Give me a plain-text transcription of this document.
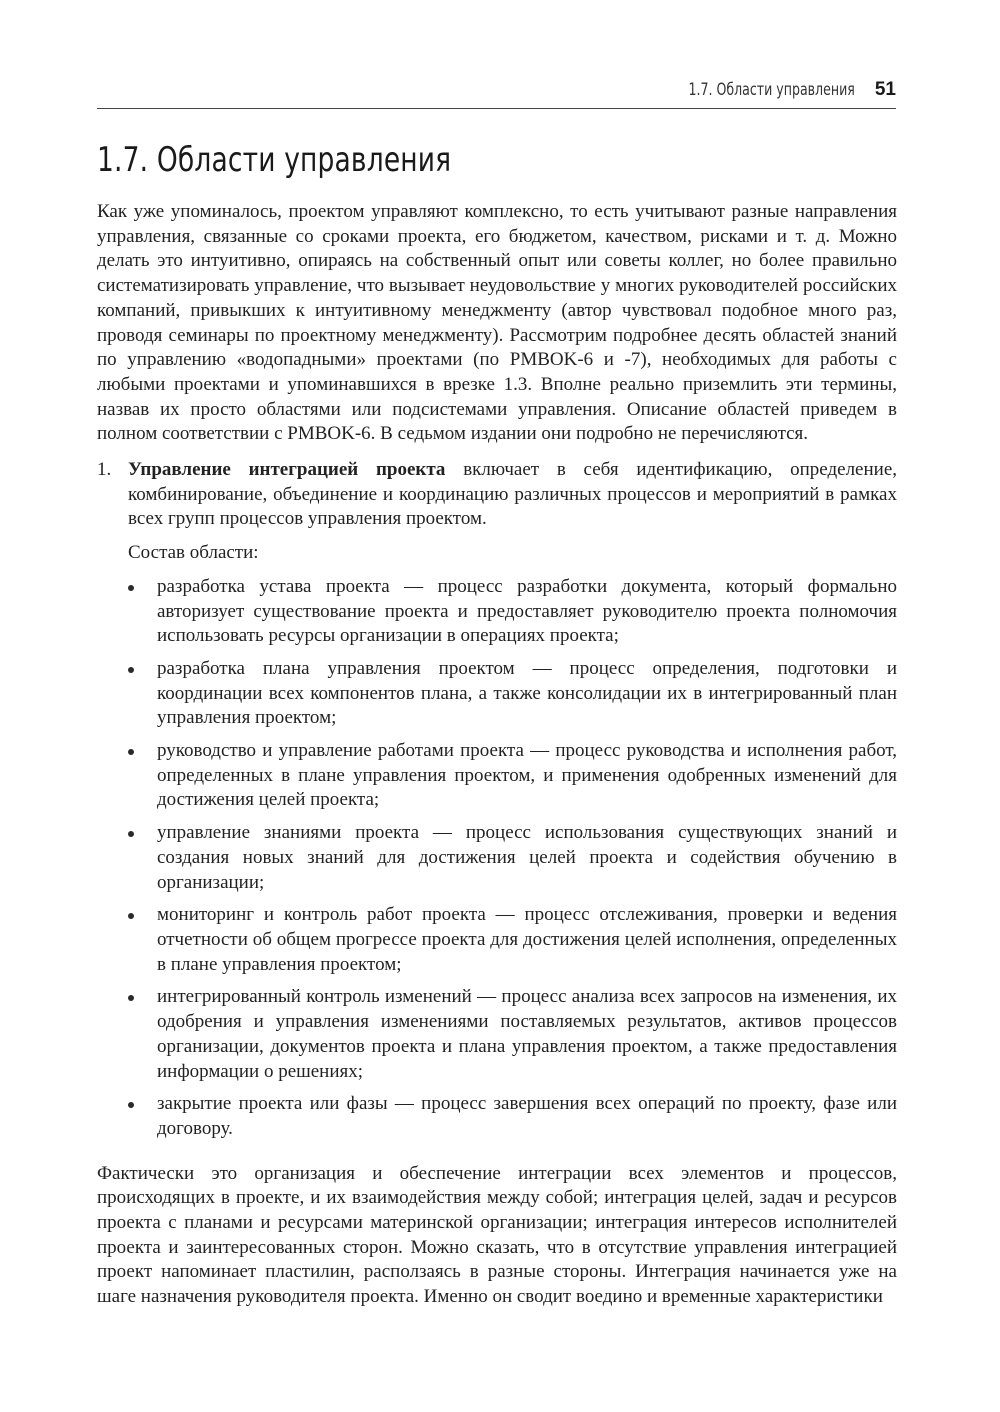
1.7. Области управления 51
1.7. Области управления

Как уже упоминалось, проектом управляют комплексно, то есть учитывают разные направления управления, связанные со сроками проекта, его бюджетом, качеством, рисками и т. д. Можно делать это интуитивно, опираясь на собственный опыт или советы коллег, но более правильно систематизировать управление, что вызывает неудовольствие у многих руководителей российских компаний, привыкших к интуитивному менеджменту (автор чувствовал подобное много раз, проводя семинары по проектному менеджменту). Рассмотрим подробнее десять областей знаний по управлению «водопадными» проектами (по PMBOK-6 и -7), необходимых для работы с любыми проектами и упоминавшихся в врезке 1.3. Вполне реально приземлить эти термины, назвав их просто областями или подсистемами управления. Описание областей приведем в полном соответствии с PMBOK-6. В седьмом издании они подробно не перечисляются.

1. Управление интеграцией проекта включает в себя идентификацию, определение, комбинирование, объединение и координацию различных процессов и мероприятий в рамках всех групп процессов управления проектом.

Состав области:

разработка устава проекта — процесс разработки документа, который формально авторизует существование проекта и предоставляет руководителю проекта полномочия использовать ресурсы организации в операциях проекта;
разработка плана управления проектом — процесс определения, подготовки и координации всех компонентов плана, а также консолидации их в интегрированный план управления проектом;
руководство и управление работами проекта — процесс руководства и исполнения работ, определенных в плане управления проектом, и применения одобренных изменений для достижения целей проекта;
управление знаниями проекта — процесс использования существующих знаний и создания новых знаний для достижения целей проекта и содействия обучению в организации;
мониторинг и контроль работ проекта — процесс отслеживания, проверки и ведения отчетности об общем прогрессе проекта для достижения целей исполнения, определенных в плане управления проектом;
интегрированный контроль изменений — процесс анализа всех запросов на изменения, их одобрения и управления изменениями поставляемых результатов, активов процессов организации, документов проекта и плана управления проектом, а также предоставления информации о решениях;
закрытие проекта или фазы — процесс завершения всех операций по проекту, фазе или договору.

Фактически это организация и обеспечение интеграции всех элементов и процессов, происходящих в проекте, и их взаимодействия между собой; интеграция целей, задач и ресурсов проекта с планами и ресурсами материнской организации; интеграция интересов исполнителей проекта и заинтересованных сторон. Можно сказать, что в отсутствие управления интеграцией проект напоминает пластилин, расползаясь в разные стороны. Интеграция начинается уже на шаге назначения руководителя проекта. Именно он сводит воедино и временные характеристики
